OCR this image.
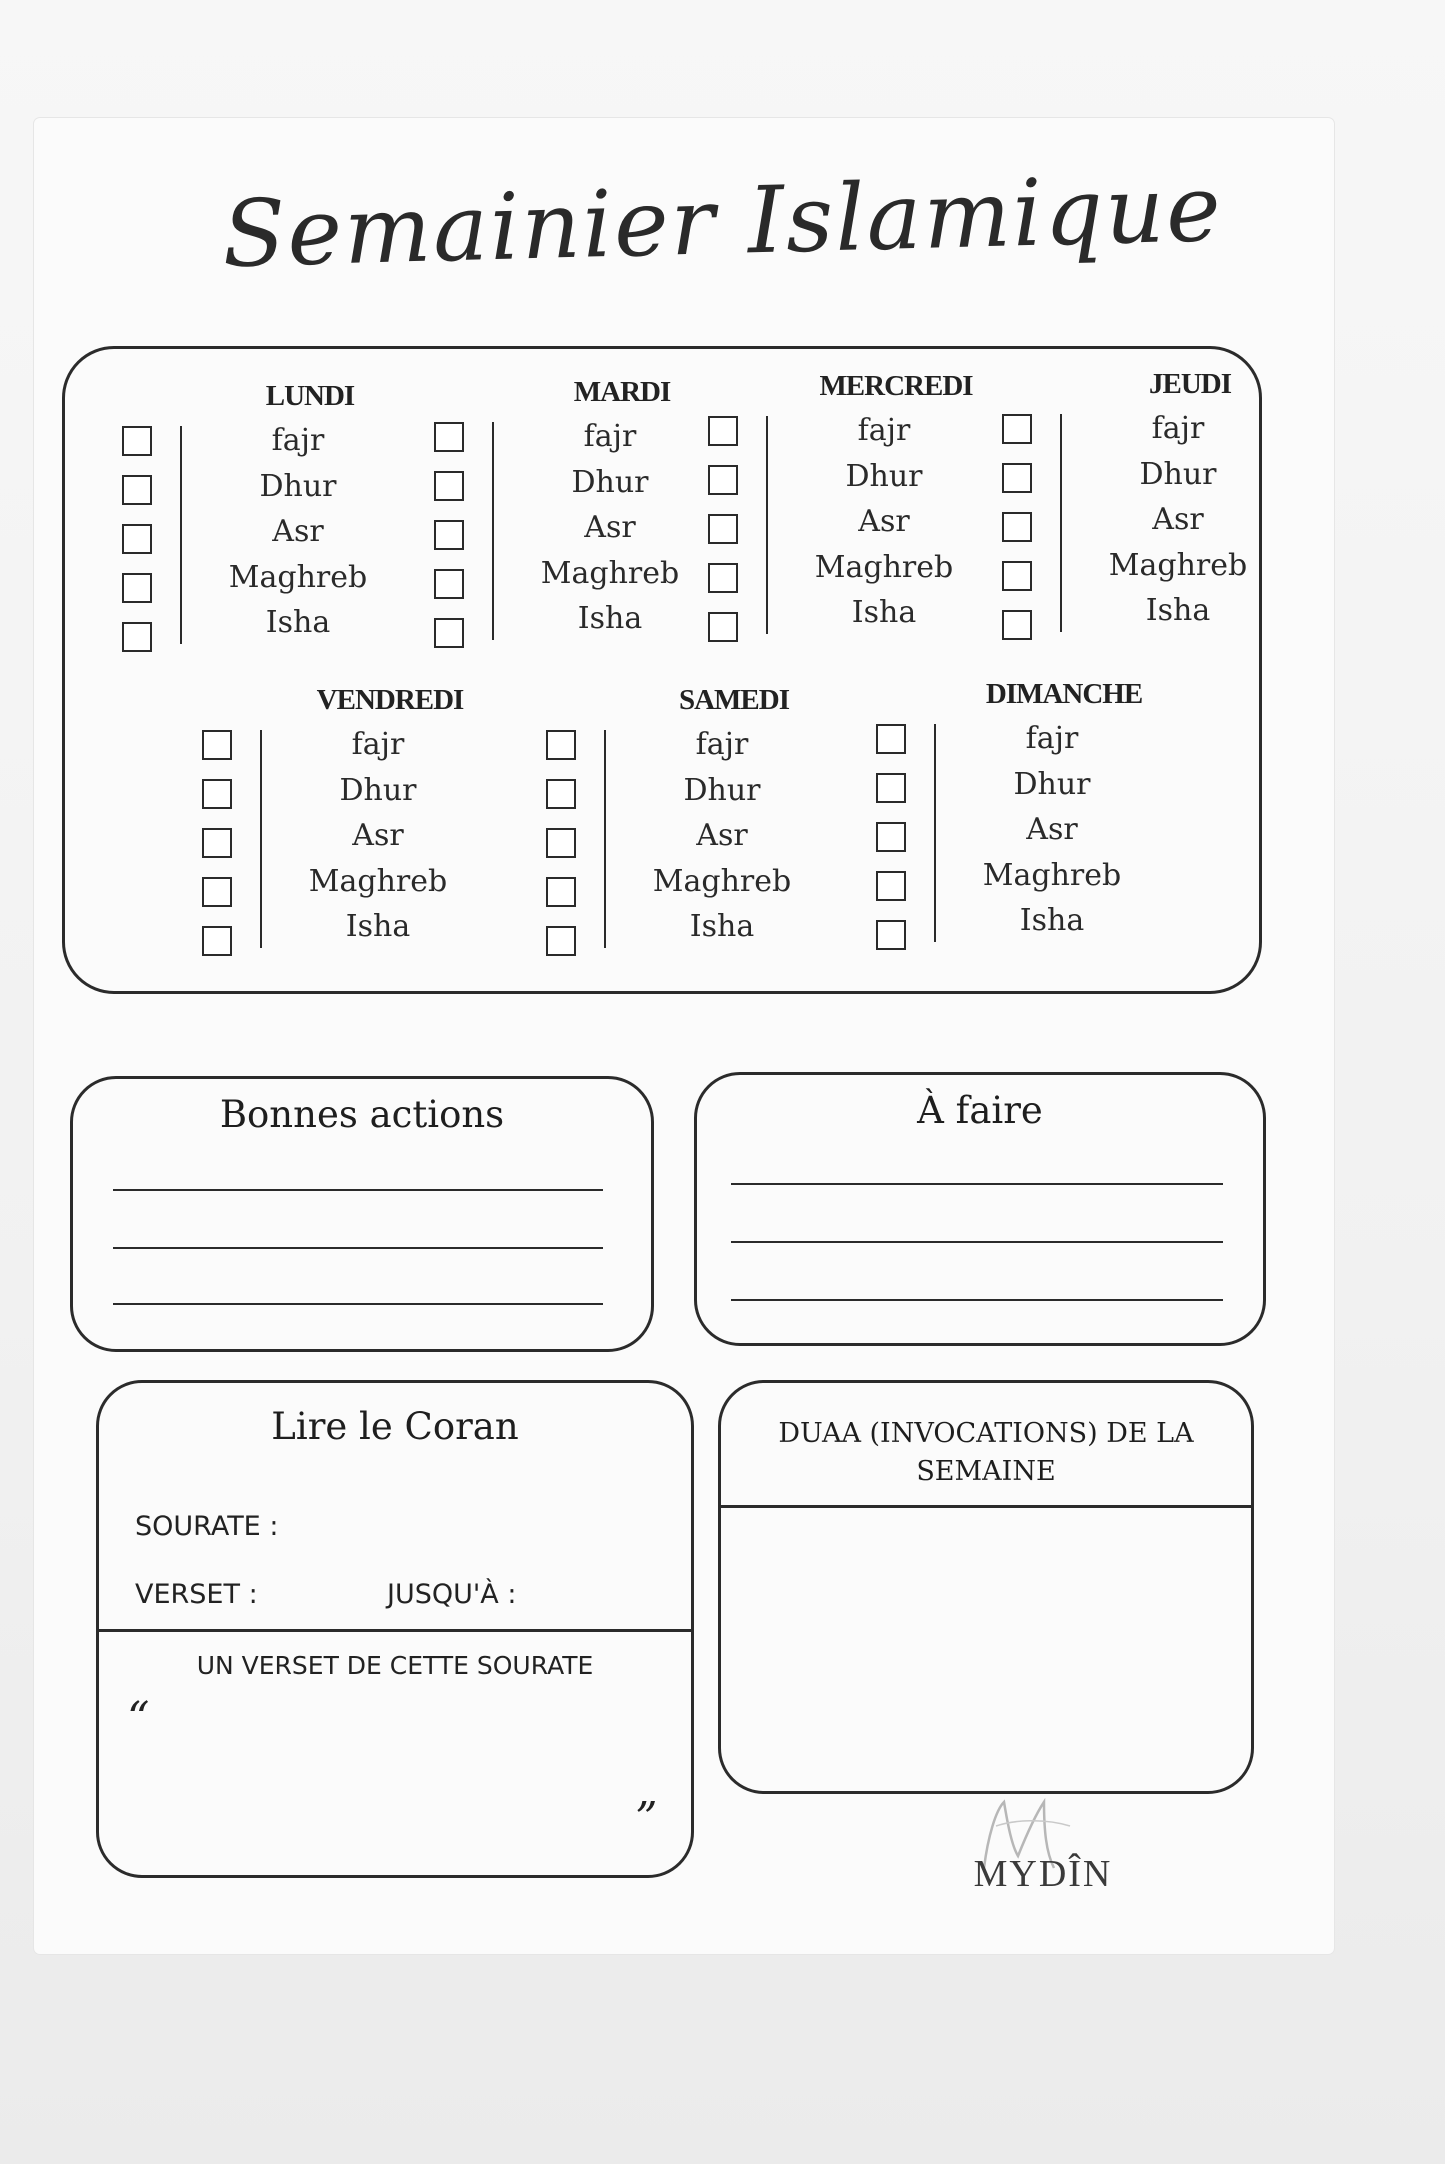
Semainier Islamique
LUNDI
fajr
Dhur
Asr
Maghreb
Isha
MARDI
fajr
Dhur
Asr
Maghreb
Isha
MERCREDI
fajr
Dhur
Asr
Maghreb
Isha
JEUDI
fajr
Dhur
Asr
Maghreb
Isha
VENDREDI
fajr
Dhur
Asr
Maghreb
Isha
SAMEDI
fajr
Dhur
Asr
Maghreb
Isha
DIMANCHE
fajr
Dhur
Asr
Maghreb
Isha
Bonnes actions	À faire
Lire le Coran
SOURATE :
VERSET :	JUSQU'À :
UN VERSET DE CETTE SOURATE
“
”
DUAA (INVOCATIONS) DE LA
SEMAINE
MYDÎN
